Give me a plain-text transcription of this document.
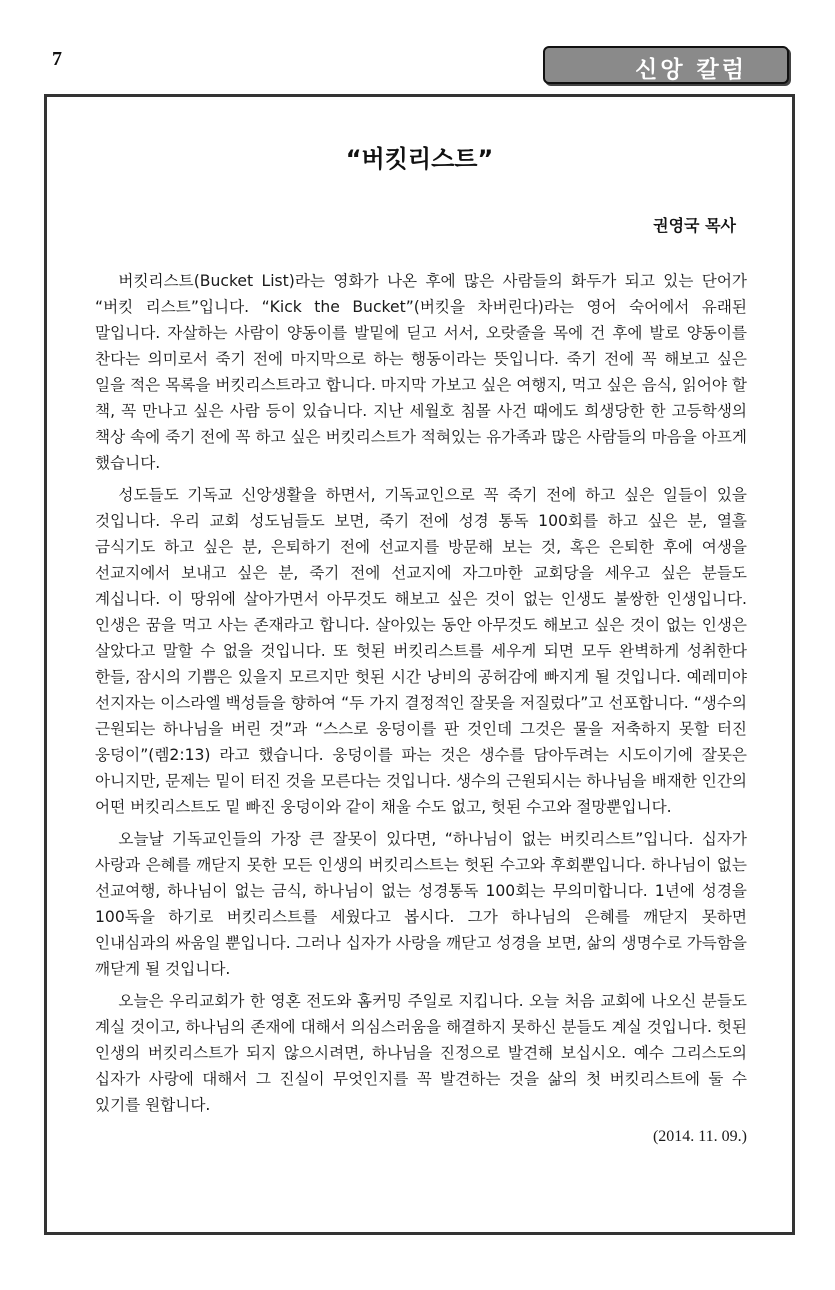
7	신앙 칼럼
“버킷리스트”
권영국 목사

버킷리스트(Bucket List)라는 영화가 나온 후에 많은 사람들의 화두가 되고 있는 단어가 “버킷 리스트”입니다. “Kick the Bucket”(버킷을 차버린다)라는 영어 숙어에서 유래된 말입니다. 자살하는 사람이 양동이를 발밑에 딛고 서서, 오랏줄을 목에 건 후에 발로 양동이를 찬다는 의미로서 죽기 전에 마지막으로 하는 행동이라는 뜻입니다. 죽기 전에 꼭 해보고 싶은 일을 적은 목록을 버킷리스트라고 합니다. 마지막 가보고 싶은 여행지, 먹고 싶은 음식, 읽어야 할 책, 꼭 만나고 싶은 사람 등이 있습니다. 지난 세월호 침몰 사건 때에도 희생당한 한 고등학생의 책상 속에 죽기 전에 꼭 하고 싶은 버킷리스트가 적혀있는 유가족과 많은 사람들의 마음을 아프게 했습니다.

성도들도 기독교 신앙생활을 하면서, 기독교인으로 꼭 죽기 전에 하고 싶은 일들이 있을 것입니다. 우리 교회 성도님들도 보면, 죽기 전에 성경 통독 100회를 하고 싶은 분, 열흘 금식기도 하고 싶은 분, 은퇴하기 전에 선교지를 방문해 보는 것, 혹은 은퇴한 후에 여생을 선교지에서 보내고 싶은 분, 죽기 전에 선교지에 자그마한 교회당을 세우고 싶은 분들도 계십니다. 이 땅위에 살아가면서 아무것도 해보고 싶은 것이 없는 인생도 불쌍한 인생입니다. 인생은 꿈을 먹고 사는 존재라고 합니다. 살아있는 동안 아무것도 해보고 싶은 것이 없는 인생은 살았다고 말할 수 없을 것입니다. 또 헛된 버킷리스트를 세우게 되면 모두 완벽하게 성취한다 한들, 잠시의 기쁨은 있을지 모르지만 헛된 시간 낭비의 공허감에 빠지게 될 것입니다. 예레미야 선지자는 이스라엘 백성들을 향하여 “두 가지 결정적인 잘못을 저질렀다”고 선포합니다. “생수의 근원되는 하나님을 버린 것”과 “스스로 웅덩이를 판 것인데 그것은 물을 저축하지 못할 터진 웅덩이”(렘2:13) 라고 했습니다. 웅덩이를 파는 것은 생수를 담아두려는 시도이기에 잘못은 아니지만, 문제는 밑이 터진 것을 모른다는 것입니다. 생수의 근원되시는 하나님을 배재한 인간의 어떤 버킷리스트도 밑 빠진 웅덩이와 같이 채울 수도 없고, 헛된 수고와 절망뿐입니다.

오늘날 기독교인들의 가장 큰 잘못이 있다면, “하나님이 없는 버킷리스트”입니다. 십자가 사랑과 은혜를 깨닫지 못한 모든 인생의 버킷리스트는 헛된 수고와 후회뿐입니다. 하나님이 없는 선교여행, 하나님이 없는 금식, 하나님이 없는 성경통독 100회는 무의미합니다. 1년에 성경을 100독을 하기로 버킷리스트를 세웠다고 봅시다. 그가 하나님의 은혜를 깨닫지 못하면 인내심과의 싸움일 뿐입니다. 그러나 십자가 사랑을 깨닫고 성경을 보면, 삶의 생명수로 가득함을 깨닫게 될 것입니다.

오늘은 우리교회가 한 영혼 전도와 홈커밍 주일로 지킵니다. 오늘 처음 교회에 나오신 분들도 계실 것이고, 하나님의 존재에 대해서 의심스러움을 해결하지 못하신 분들도 계실 것입니다. 헛된 인생의 버킷리스트가 되지 않으시려면, 하나님을 진정으로 발견해 보십시오. 예수 그리스도의 십자가 사랑에 대해서 그 진실이 무엇인지를 꼭 발견하는 것을 삶의 첫 버킷리스트에 둘 수 있기를 원합니다.

(2014. 11. 09.)
